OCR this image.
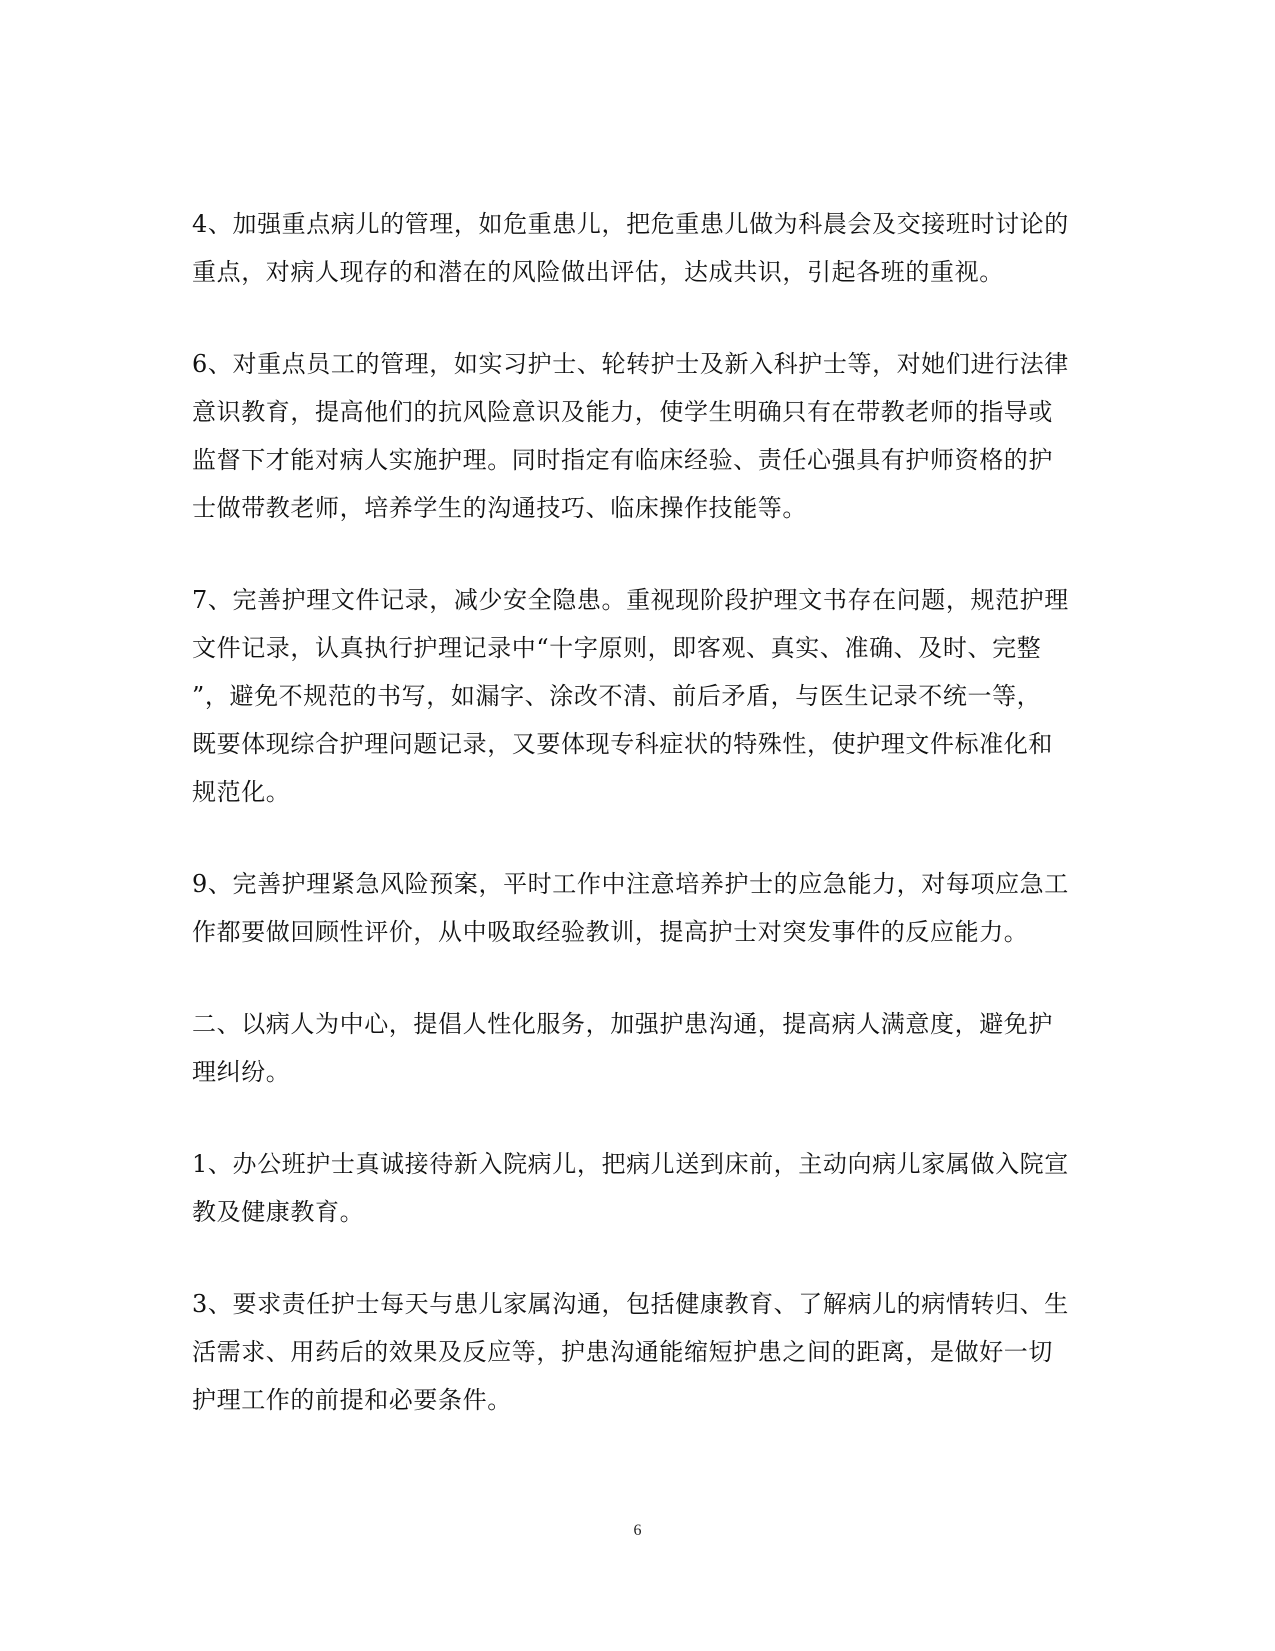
4、加强重点病儿的管理，如危重患儿，把危重患儿做为科晨会及交接班时讨论的
重点，对病人现存的和潜在的风险做出评估，达成共识，引起各班的重视。

6、对重点员工的管理，如实习护士、轮转护士及新入科护士等，对她们进行法律
意识教育，提高他们的抗风险意识及能力，使学生明确只有在带教老师的指导或
监督下才能对病人实施护理。同时指定有临床经验、责任心强具有护师资格的护
士做带教老师，培养学生的沟通技巧、临床操作技能等。

7、完善护理文件记录，减少安全隐患。重视现阶段护理文书存在问题，规范护理
文件记录，认真执行护理记录中“十字原则，即客观、真实、准确、及时、完整
”，避免不规范的书写，如漏字、涂改不清、前后矛盾，与医生记录不统一等，
既要体现综合护理问题记录，又要体现专科症状的特殊性，使护理文件标准化和
规范化。

9、完善护理紧急风险预案，平时工作中注意培养护士的应急能力，对每项应急工
作都要做回顾性评价，从中吸取经验教训，提高护士对突发事件的反应能力。

二、以病人为中心，提倡人性化服务，加强护患沟通，提高病人满意度，避免护
理纠纷。

1、办公班护士真诚接待新入院病儿，把病儿送到床前，主动向病儿家属做入院宣
教及健康教育。

3、要求责任护士每天与患儿家属沟通，包括健康教育、了解病儿的病情转归、生
活需求、用药后的效果及反应等，护患沟通能缩短护患之间的距离，是做好一切
护理工作的前提和必要条件。

6
